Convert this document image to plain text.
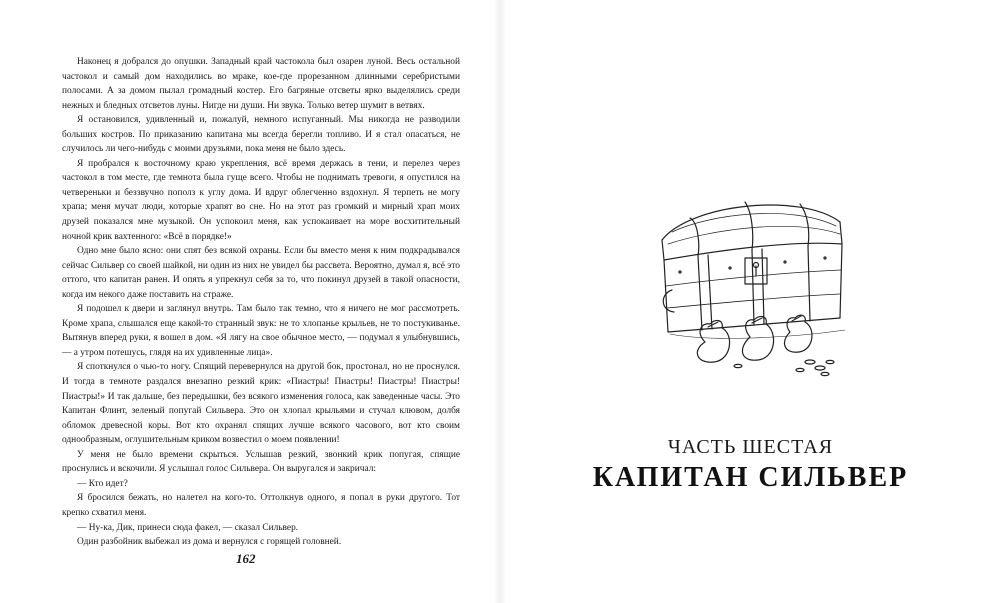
Наконец я добрался до опушки. Западный край частокола был озарен луной. Весь остальной частокол и самый дом находились во мраке, кое-где прорезанном длинными серебристыми полосами. А за домом пылал громадный костер. Его багряные отсветы ярко выделялись среди нежных и бледных отсветов луны. Нигде ни души. Ни звука. Только ветер шумит в ветвях.

Я остановился, удивленный и, пожалуй, немного испуганный. Мы никогда не разводили больших костров. По приказанию капитана мы всегда берегли топливо. И я стал опасаться, не случилось ли чего-нибудь с моими друзьями, пока меня не было здесь.

Я пробрался к восточному краю укрепления, всё время держась в тени, и перелез через частокол в том месте, где темнота была гуще всего. Чтобы не поднимать тревоги, я опустился на четвереньки и беззвучно пополз к углу дома. И вдруг облегченно вздохнул. Я терпеть не могу храпа; меня мучат люди, которые храпят во сне. Но на этот раз громкий и мирный храп моих друзей показался мне музыкой. Он успокоил меня, как успокаивает на море восхитительный ночной крик вахтенного: «Всё в порядке!»

Одно мне было ясно: они спят без всякой охраны. Если бы вместо меня к ним подкрадывался сейчас Сильвер со своей шайкой, ни один из них не увидел бы рассвета. Вероятно, думал я, всё это оттого, что капитан ранен. И опять я упрекнул себя за то, что покинул друзей в такой опасности, когда им некого даже поставить на страже.

Я подошел к двери и заглянул внутрь. Там было так темно, что я ничего не мог рассмотреть. Кроме храпа, слышался еще какой-то странный звук: не то хлопанье крыльев, не то постукиванье. Вытянув вперед руки, я вошел в дом. «Я лягу на свое обычное место, — подумал я улыбнувшись, — а утром потешусь, глядя на их удивленные лица».

Я споткнулся о чью-то ногу. Спящий перевернулся на другой бок, простонал, но не проснулся. И тогда в темноте раздался внезапно резкий крик: «Пиастры! Пиастры! Пиастры! Пиастры! Пиастры!» И так дальше, без передышки, без всякого изменения голоса, как заведенные часы. Это Капитан Флинт, зеленый попугай Сильвера. Это он хлопал крыльями и стучал клювом, долбя обломок древесной коры. Вот кто охранял спящих лучше всякого часового, вот кто своим однообразным, оглушительным криком возвестил о моем появлении!

У меня не было времени скрыться. Услышав резкий, звонкий крик попугая, спящие проснулись и вскочили. Я услышал голос Сильвера. Он выругался и закричал:

— Кто идет?

Я бросился бежать, но налетел на кого-то. Оттолкнув одного, я попал в руки другого. Тот крепко схватил меня.

— Ну-ка, Дик, принеси сюда факел, — сказал Сильвер.

Один разбойник выбежал из дома и вернулся с горящей головней.

162
ЧАСТЬ ШЕСТАЯ
КАПИТАН СИЛЬВЕР
